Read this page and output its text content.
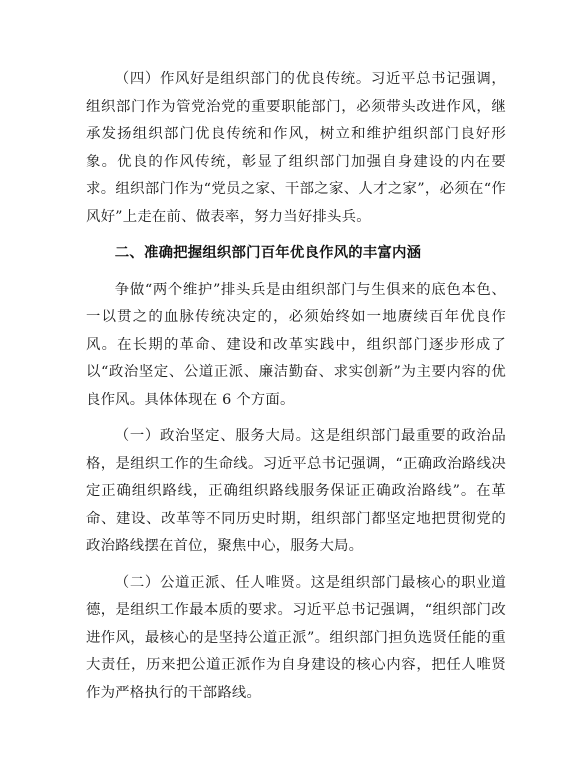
（四）作风好是组织部门的优良传统。习近平总书记强调，组织部门作为管党治党的重要职能部门，必须带头改进作风，继承发扬组织部门优良传统和作风，树立和维护组织部门良好形象。优良的作风传统，彰显了组织部门加强自身建设的内在要求。组织部门作为“党员之家、干部之家、人才之家”，必须在“作风好”上走在前、做表率，努力当好排头兵。

二、准确把握组织部门百年优良作风的丰富内涵

争做“两个维护”排头兵是由组织部门与生俱来的底色本色、一以贯之的血脉传统决定的，必须始终如一地赓续百年优良作风。在长期的革命、建设和改革实践中，组织部门逐步形成了以“政治坚定、公道正派、廉洁勤奋、求实创新”为主要内容的优良作风。具体体现在 6 个方面。

（一）政治坚定、服务大局。这是组织部门最重要的政治品格，是组织工作的生命线。习近平总书记强调，“正确政治路线决定正确组织路线，正确组织路线服务保证正确政治路线”。在革命、建设、改革等不同历史时期，组织部门都坚定地把贯彻党的政治路线摆在首位，聚焦中心，服务大局。

（二）公道正派、任人唯贤。这是组织部门最核心的职业道德，是组织工作最本质的要求。习近平总书记强调，“组织部门改进作风，最核心的是坚持公道正派”。组织部门担负选贤任能的重大责任，历来把公道正派作为自身建设的核心内容，把任人唯贤作为严格执行的干部路线。
